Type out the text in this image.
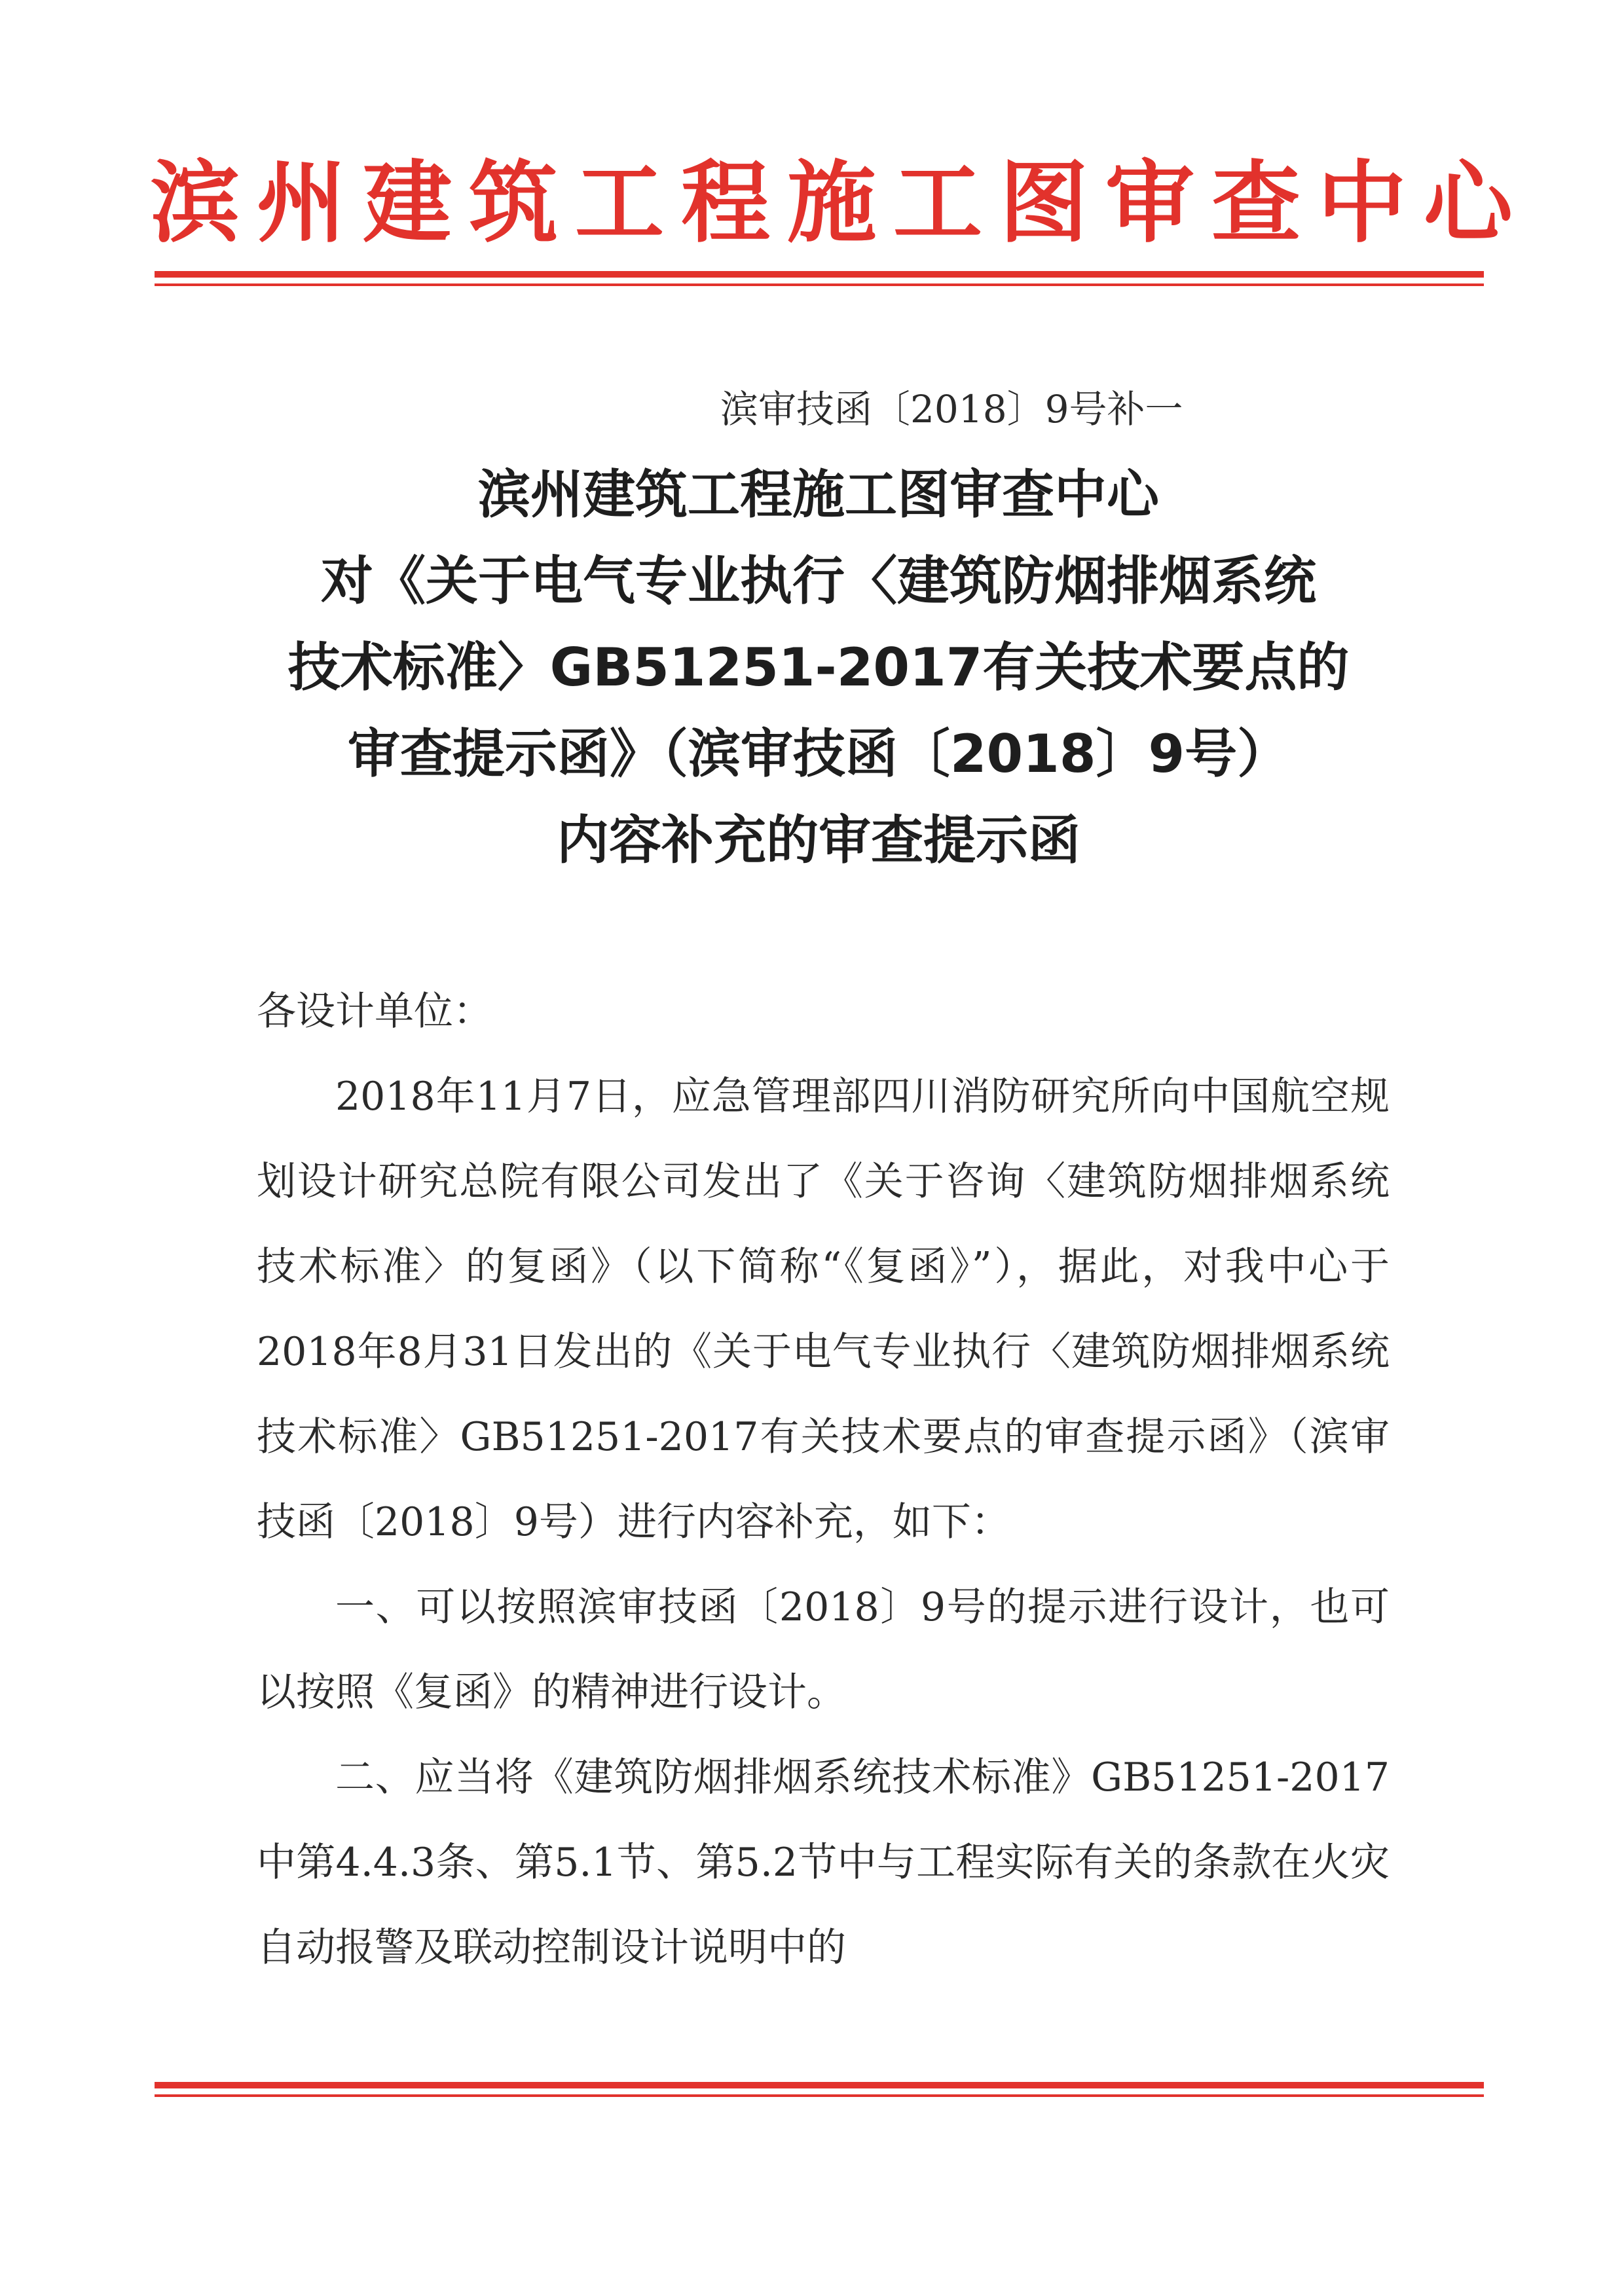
滨州建筑工程施工图审查中心
滨审技函〔2018〕9号补一
滨州建筑工程施工图审查中心
对《关于电气专业执行〈建筑防烟排烟系统
技术标准〉GB51251-2017有关技术要点的
审查提示函》（滨审技函〔2018〕9号）
内容补充的审查提示函

各设计单位：

2018年11月7日，应急管理部四川消防研究所向中国航空规划设计研究总院有限公司发出了《关于咨询〈建筑防烟排烟系统技术标准〉的复函》（以下简称“《复函》”），据此，对我中心于2018年8月31日发出的《关于电气专业执行〈建筑防烟排烟系统技术标准〉GB51251-2017有关技术要点的审查提示函》（滨审技函〔2018〕9号）进行内容补充，如下：

一、可以按照滨审技函〔2018〕9号的提示进行设计，也可以按照《复函》的精神进行设计。

二、应当将《建筑防烟排烟系统技术标准》GB51251-2017中第4.4.3条、第5.1节、第5.2节中与工程实际有关的条款在火灾自动报警及联动控制设计说明中的
